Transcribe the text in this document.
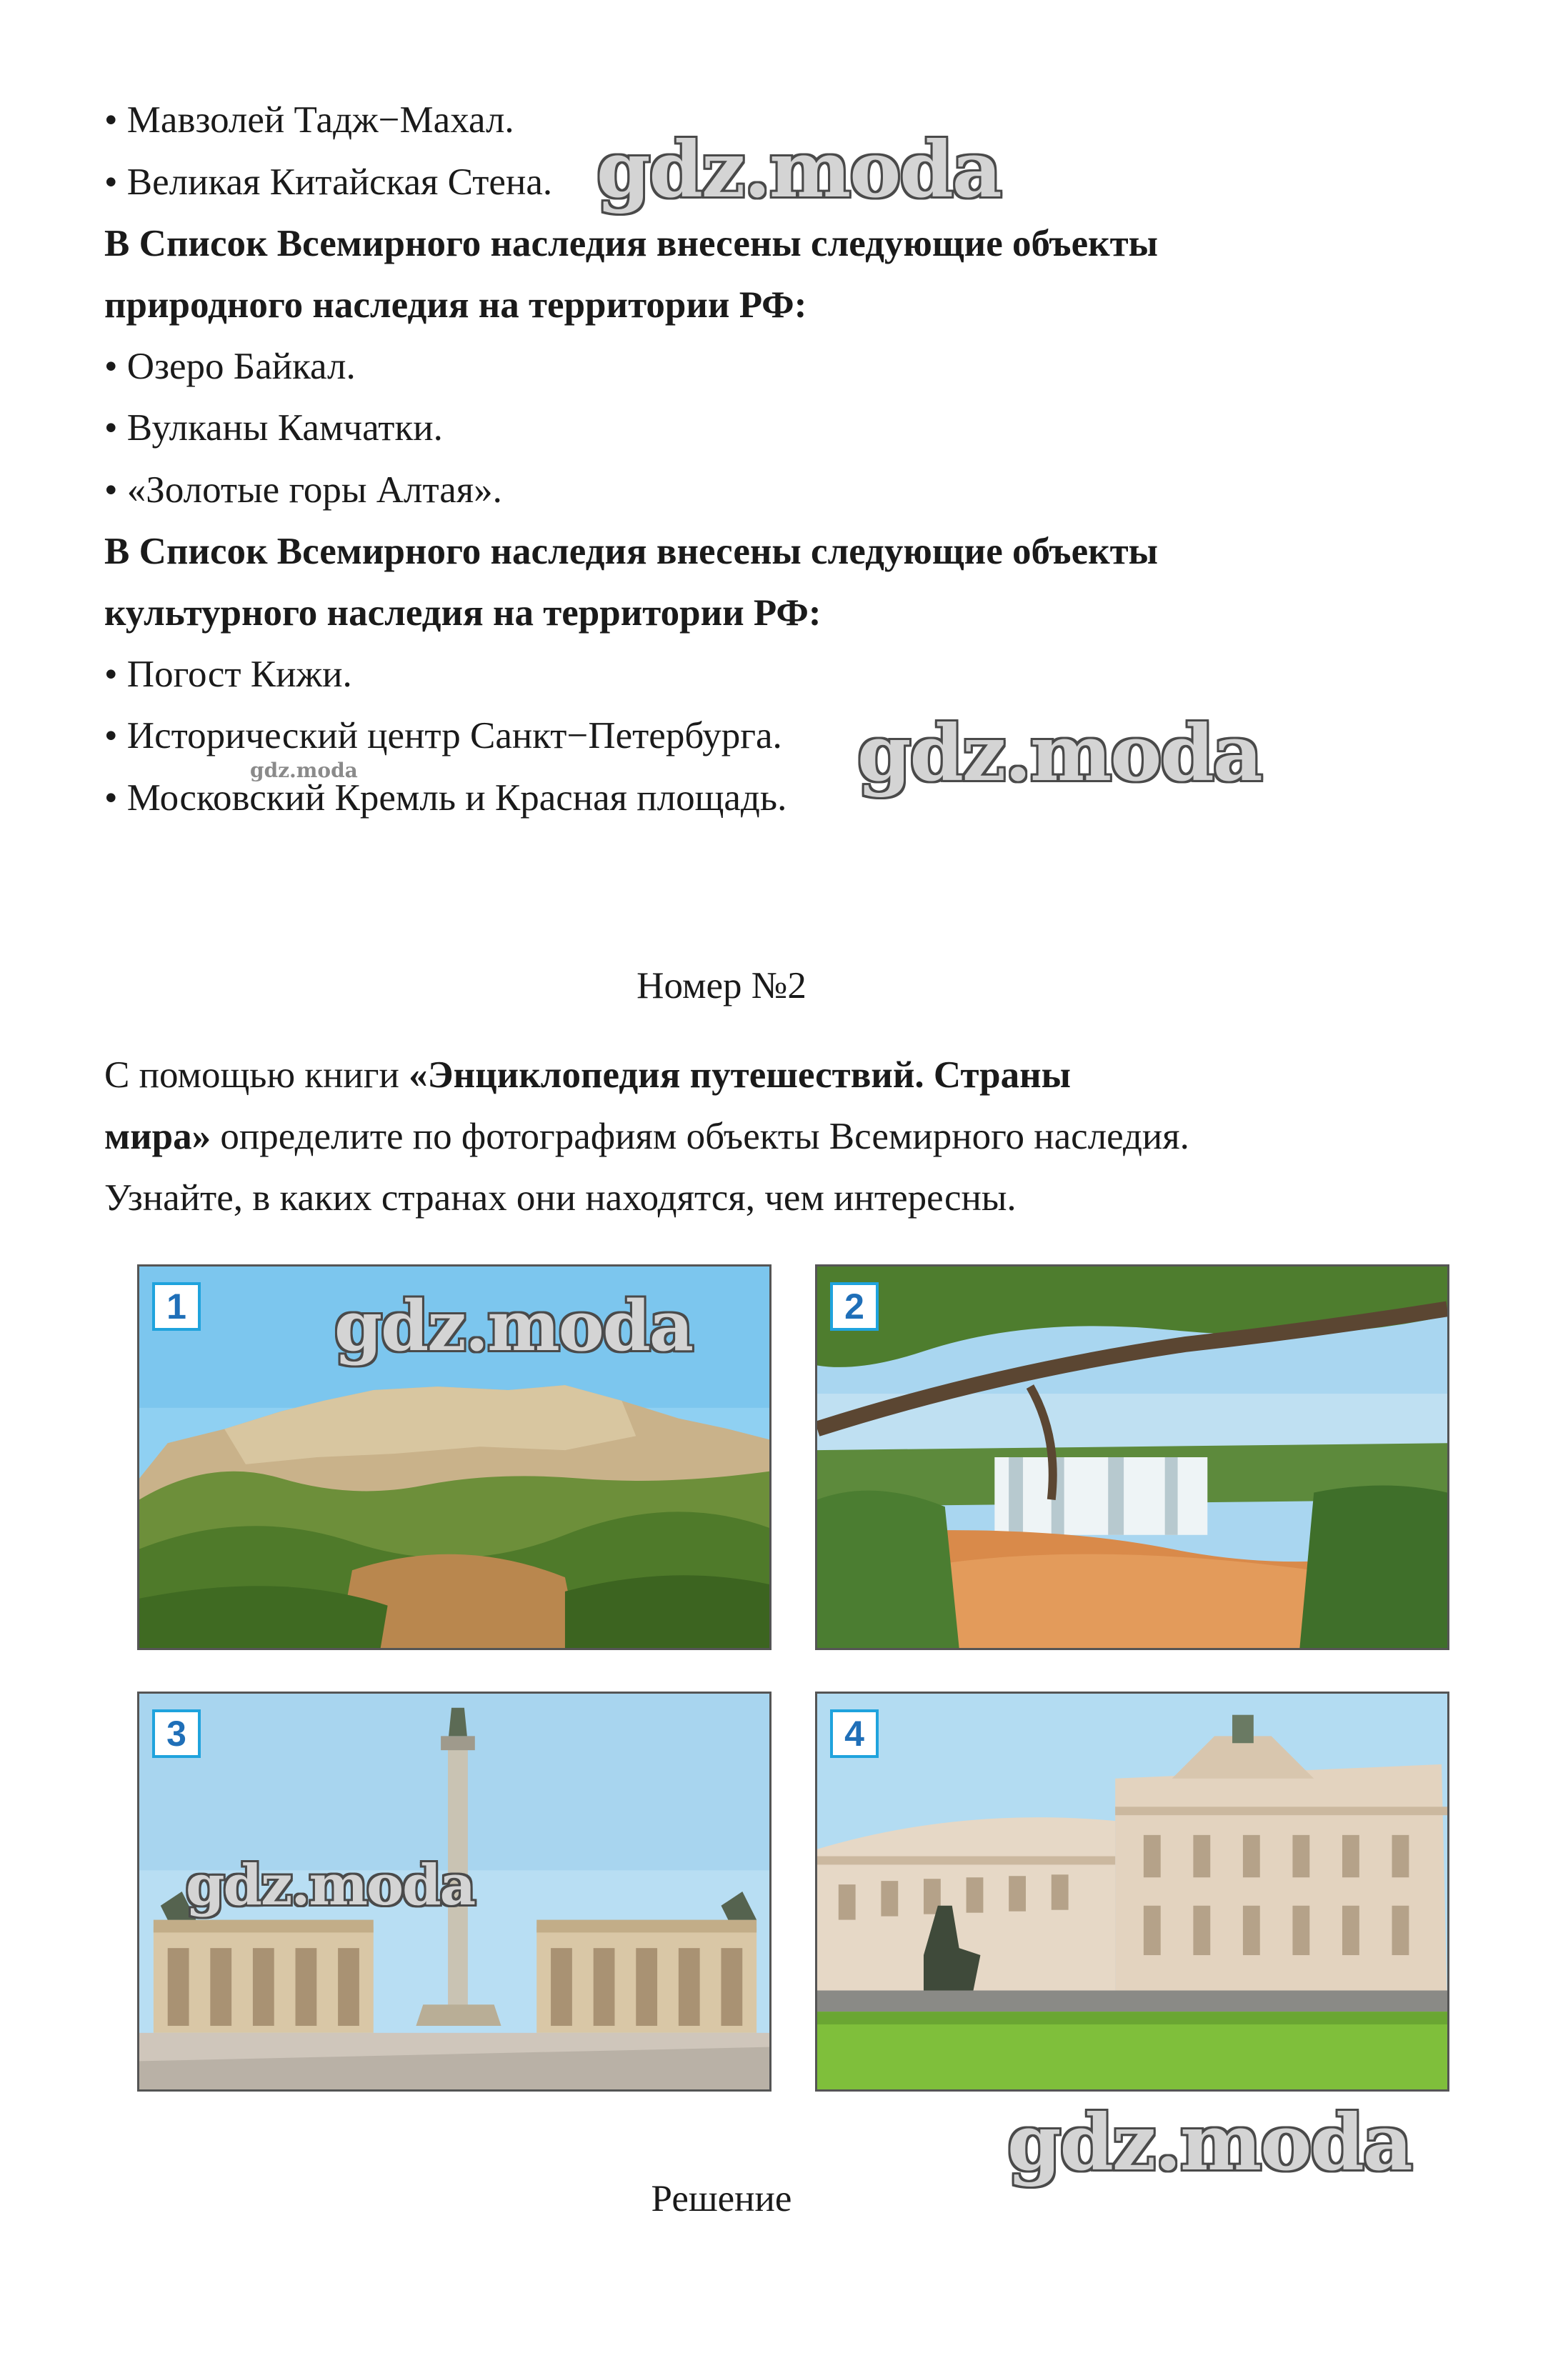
• Мавзолей Тадж−Махал.
• Великая Китайская Стена.
В Список Всемирного наследия внесены следующие объекты
природного наследия на территории РФ:
• Озеро Байкал.
• Вулканы Камчатки.
• «Золотые горы Алтая».
В Список Всемирного наследия внесены следующие объекты
культурного наследия на территории РФ:
• Погост Кижи.
• Исторический центр Санкт−Петербурга.
• Московский Кремль и Красная площадь.
Номер №2
С помощью книги «Энциклопедия путешествий. Страны
мира» определите по фотографиям объекты Всемирного наследия.
Узнайте, в каких странах они находятся, чем интересны.
1	2
3	4
Решение
gdz.moda
gdz.moda
gdz.moda
gdz.moda
gdz.moda
gdz.moda
